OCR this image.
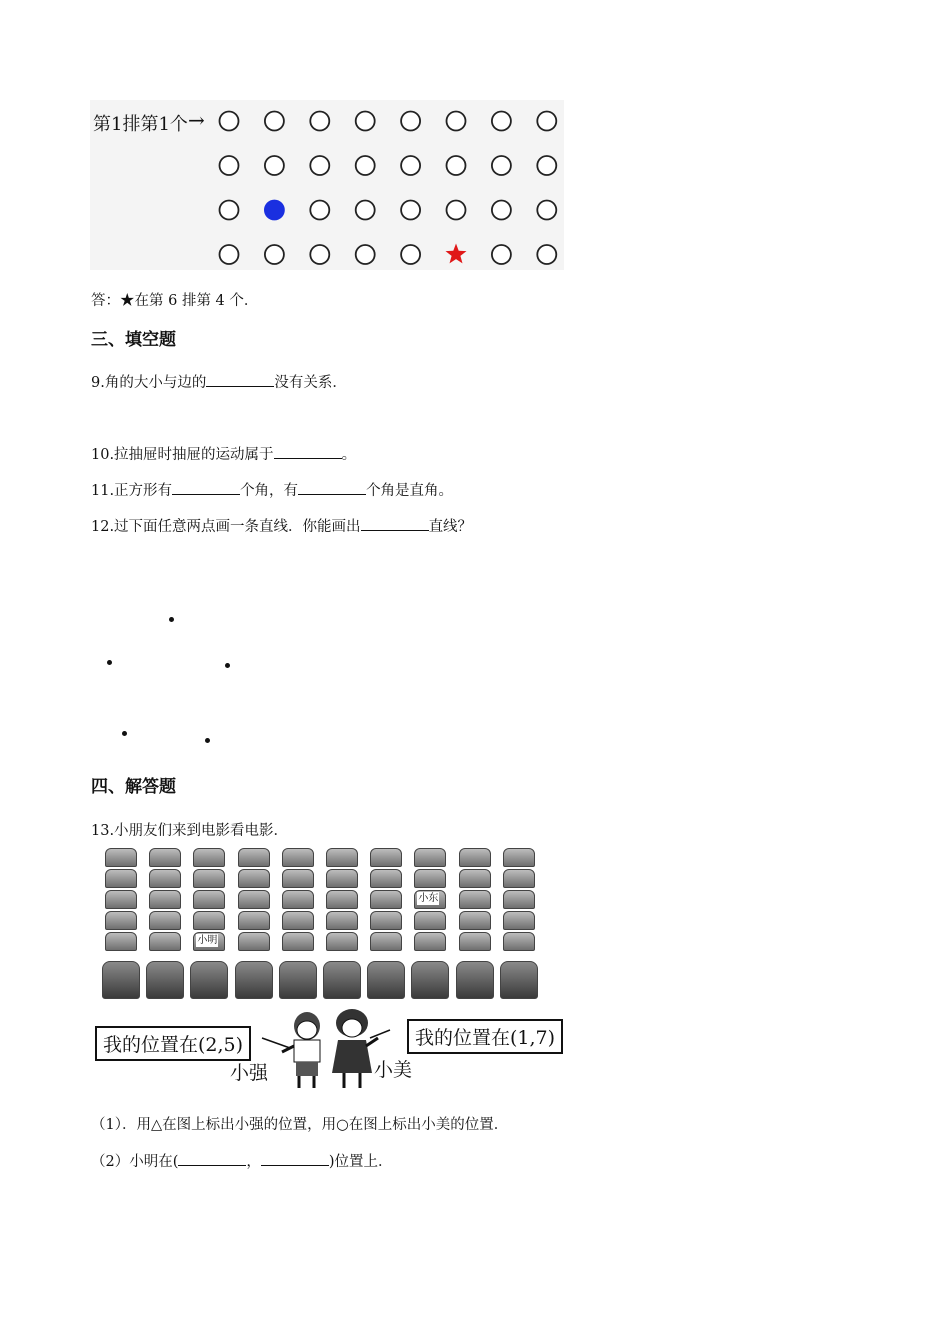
第1排第1个 →
答：★在第 6 排第 4 个．
三、填空题
9.角的大小与边的	没有关系．
10.拉抽屉时抽屉的运动属于	。
11.正方形有	个角，有	个角是直角。
12.过下面任意两点画一条直线．你能画出	直线？
四、解答题
13.小朋友们来到电影看电影．
小东
小明
我的位置在(2,5)	我的位置在(1,7)
小强	小美
（1）．用△在图上标出小强的位置，用○在图上标出小美的位置．
（2）小明在(	，	)位置上．
